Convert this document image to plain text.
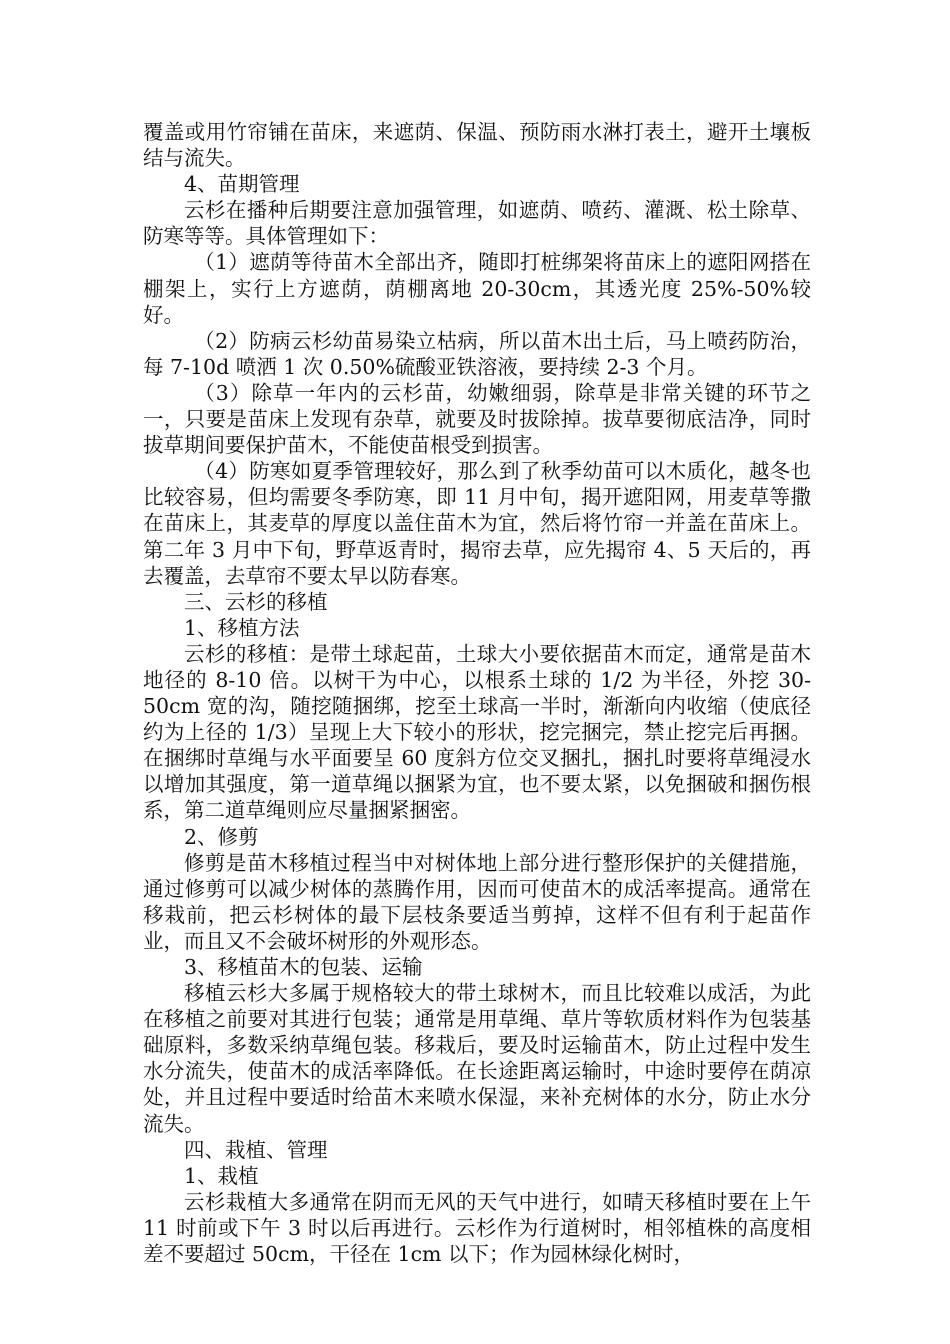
覆盖或用竹帘铺在苗床，来遮荫、保温、预防雨水淋打表土，避开土壤板结与流失。

4、苗期管理

云杉在播种后期要注意加强管理，如遮荫、喷药、灌溉、松土除草、防寒等等。具体管理如下：

（1）遮荫等待苗木全部出齐，随即打桩绑架将苗床上的遮阳网搭在棚架上，实行上方遮荫，荫棚离地 20-30cm，其透光度 25%-50%较好。

（2）防病云杉幼苗易染立枯病，所以苗木出土后，马上喷药防治，每 7-10d 喷洒 1 次 0.50%硫酸亚铁溶液，要持续 2-3 个月。

（3）除草一年内的云杉苗，幼嫩细弱，除草是非常关键的环节之一，只要是苗床上发现有杂草，就要及时拔除掉。拔草要彻底洁净，同时拔草期间要保护苗木，不能使苗根受到损害。

（4）防寒如夏季管理较好，那么到了秋季幼苗可以木质化，越冬也比较容易，但均需要冬季防寒，即 11 月中旬，揭开遮阳网，用麦草等撒在苗床上，其麦草的厚度以盖住苗木为宜，然后将竹帘一并盖在苗床上。第二年 3 月中下旬，野草返青时，揭帘去草，应先揭帘 4、5 天后的，再去覆盖，去草帘不要太早以防春寒。

三、云杉的移植

1、移植方法

云杉的移植：是带土球起苗，土球大小要依据苗木而定，通常是苗木地径的 8-10 倍。以树干为中心，以根系土球的 1/2 为半径，外挖 30-50cm 宽的沟，随挖随捆绑，挖至土球高一半时，渐渐向内收缩（使底径约为上径的 1/3）呈现上大下较小的形状，挖完捆完，禁止挖完后再捆。在捆绑时草绳与水平面要呈 60 度斜方位交叉捆扎，捆扎时要将草绳浸水以增加其强度，第一道草绳以捆紧为宜，也不要太紧，以免捆破和捆伤根系，第二道草绳则应尽量捆紧捆密。

2、修剪

修剪是苗木移植过程当中对树体地上部分进行整形保护的关健措施，通过修剪可以减少树体的蒸腾作用，因而可使苗木的成活率提高。通常在移栽前，把云杉树体的最下层枝条要适当剪掉，这样不但有利于起苗作业，而且又不会破坏树形的外观形态。

3、移植苗木的包装、运输

移植云杉大多属于规格较大的带土球树木，而且比较难以成活，为此在移植之前要对其进行包装；通常是用草绳、草片等软质材料作为包装基础原料，多数采纳草绳包装。移栽后，要及时运输苗木，防止过程中发生水分流失，使苗木的成活率降低。在长途距离运输时，中途时要停在荫凉处，并且过程中要适时给苗木来喷水保湿，来补充树体的水分，防止水分流失。

四、栽植、管理

1、栽植

云杉栽植大多通常在阴而无风的天气中进行，如晴天移植时要在上午 11 时前或下午 3 时以后再进行。云杉作为行道树时，相邻植株的高度相差不要超过 50cm，干径在 1cm 以下；作为园林绿化树时，
